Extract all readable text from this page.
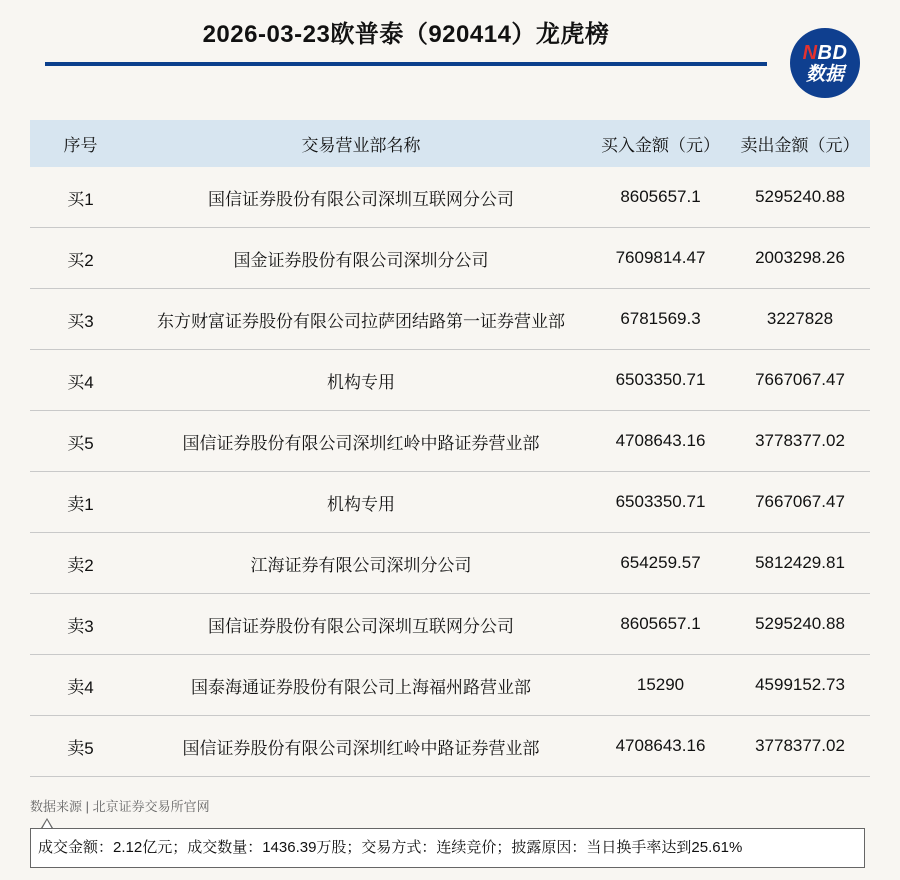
2026-03-23欧普泰（920414）龙虎榜
NBD
数据
序号	交易营业部名称	买入金额（元）	卖出金额（元）
买1	国信证券股份有限公司深圳互联网分公司	8605657.1	5295240.88
买2	国金证券股份有限公司深圳分公司	7609814.47	2003298.26
买3	东方财富证券股份有限公司拉萨团结路第一证券营业部	6781569.3	3227828
买4	机构专用	6503350.71	7667067.47
买5	国信证券股份有限公司深圳红岭中路证券营业部	4708643.16	3778377.02
卖1	机构专用	6503350.71	7667067.47
卖2	江海证券有限公司深圳分公司	654259.57	5812429.81
卖3	国信证券股份有限公司深圳互联网分公司	8605657.1	5295240.88
卖4	国泰海通证券股份有限公司上海福州路营业部	15290	4599152.73
卖5	国信证券股份有限公司深圳红岭中路证券营业部	4708643.16	3778377.02
数据来源 | 北京证券交易所官网
成交金额：2.12亿元；成交数量：1436.39万股；交易方式：连续竞价；披露原因：当日换手率达到25.61%
